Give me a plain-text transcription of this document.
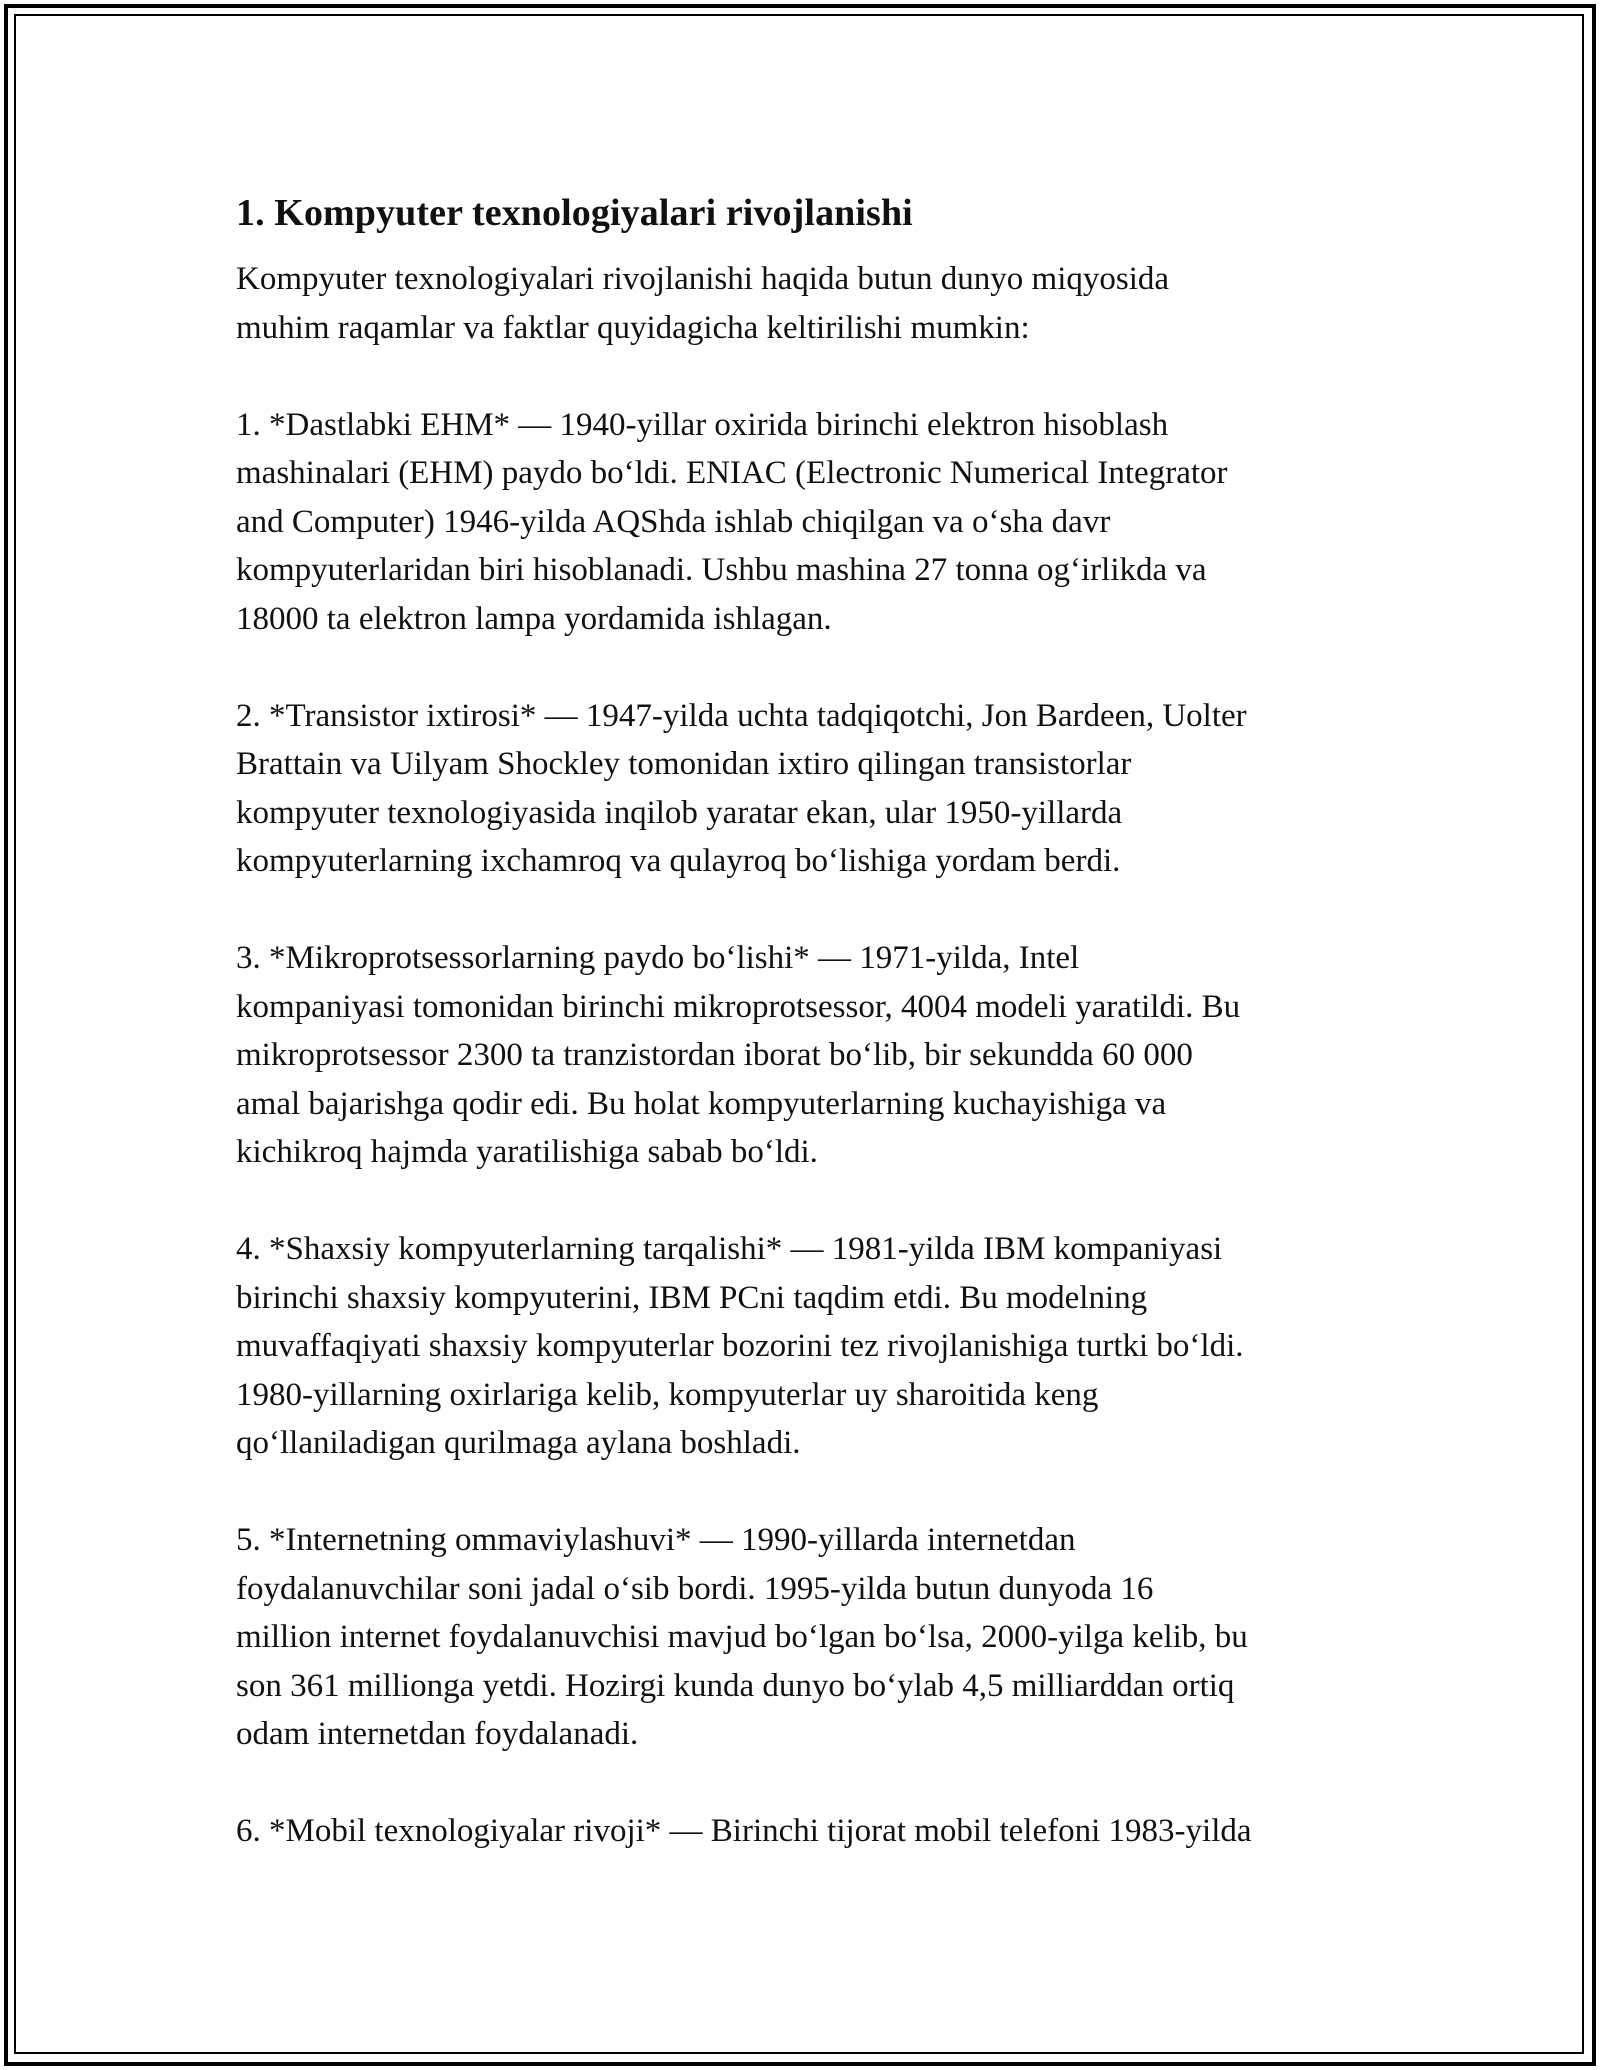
1. Kompyuter texnologiyalari rivojlanishi
Kompyuter texnologiyalari rivojlanishi haqida butun dunyo miqyosida
muhim raqamlar va faktlar quyidagicha keltirilishi mumkin:
1. *Dastlabki EHM* — 1940-yillar oxirida birinchi elektron hisoblash
mashinalari (EHM) paydo boʻldi. ENIAC (Electronic Numerical Integrator
and Computer) 1946-yilda AQShda ishlab chiqilgan va oʻsha davr
kompyuterlaridan biri hisoblanadi. Ushbu mashina 27 tonna ogʻirlikda va
18000 ta elektron lampa yordamida ishlagan.
2. *Transistor ixtirosi* — 1947-yilda uchta tadqiqotchi, Jon Bardeen, Uolter
Brattain va Uilyam Shockley tomonidan ixtiro qilingan transistorlar
kompyuter texnologiyasida inqilob yaratar ekan, ular 1950-yillarda
kompyuterlarning ixchamroq va qulayroq boʻlishiga yordam berdi.
3. *Mikroprotsessorlarning paydo boʻlishi* — 1971-yilda, Intel
kompaniyasi tomonidan birinchi mikroprotsessor, 4004 modeli yaratildi. Bu
mikroprotsessor 2300 ta tranzistordan iborat boʻlib, bir sekundda 60 000
amal bajarishga qodir edi. Bu holat kompyuterlarning kuchayishiga va
kichikroq hajmda yaratilishiga sabab boʻldi.
4. *Shaxsiy kompyuterlarning tarqalishi* — 1981-yilda IBM kompaniyasi
birinchi shaxsiy kompyuterini, IBM PCni taqdim etdi. Bu modelning
muvaffaqiyati shaxsiy kompyuterlar bozorini tez rivojlanishiga turtki boʻldi.
1980-yillarning oxirlariga kelib, kompyuterlar uy sharoitida keng
qoʻllaniladigan qurilmaga aylana boshladi.
5. *Internetning ommaviylashuvi* — 1990-yillarda internetdan
foydalanuvchilar soni jadal oʻsib bordi. 1995-yilda butun dunyoda 16
million internet foydalanuvchisi mavjud boʻlgan boʻlsa, 2000-yilga kelib, bu
son 361 millionga yetdi. Hozirgi kunda dunyo boʻylab 4,5 milliarddan ortiq
odam internetdan foydalanadi.
6. *Mobil texnologiyalar rivoji* — Birinchi tijorat mobil telefoni 1983-yilda
